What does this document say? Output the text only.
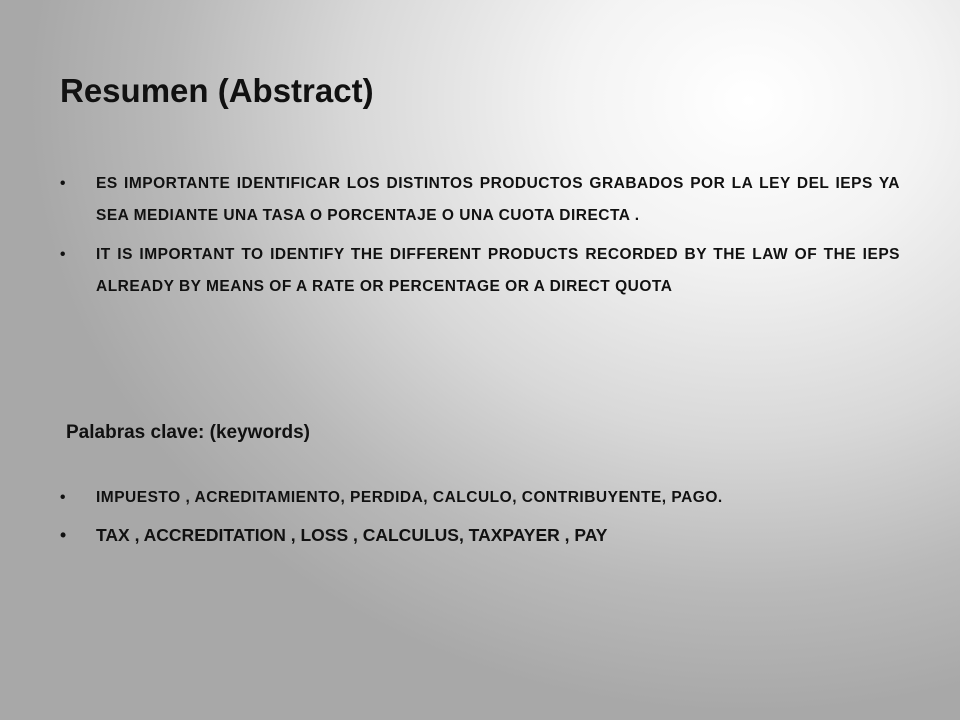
Resumen (Abstract)
• ES IMPORTANTE IDENTIFICAR LOS DISTINTOS PRODUCTOS GRABADOS POR LA LEY DEL IEPS YA SEA MEDIANTE UNA TASA O PORCENTAJE O UNA CUOTA DIRECTA .
• IT IS IMPORTANT TO IDENTIFY THE DIFFERENT PRODUCTS RECORDED BY THE LAW OF THE IEPS ALREADY BY MEANS OF A RATE OR PERCENTAGE OR A DIRECT QUOTA
Palabras clave: (keywords)
• IMPUESTO , ACREDITAMIENTO, PERDIDA, CALCULO, CONTRIBUYENTE, PAGO.
• TAX , ACCREDITATION , LOSS , CALCULUS, TAXPAYER , PAY
